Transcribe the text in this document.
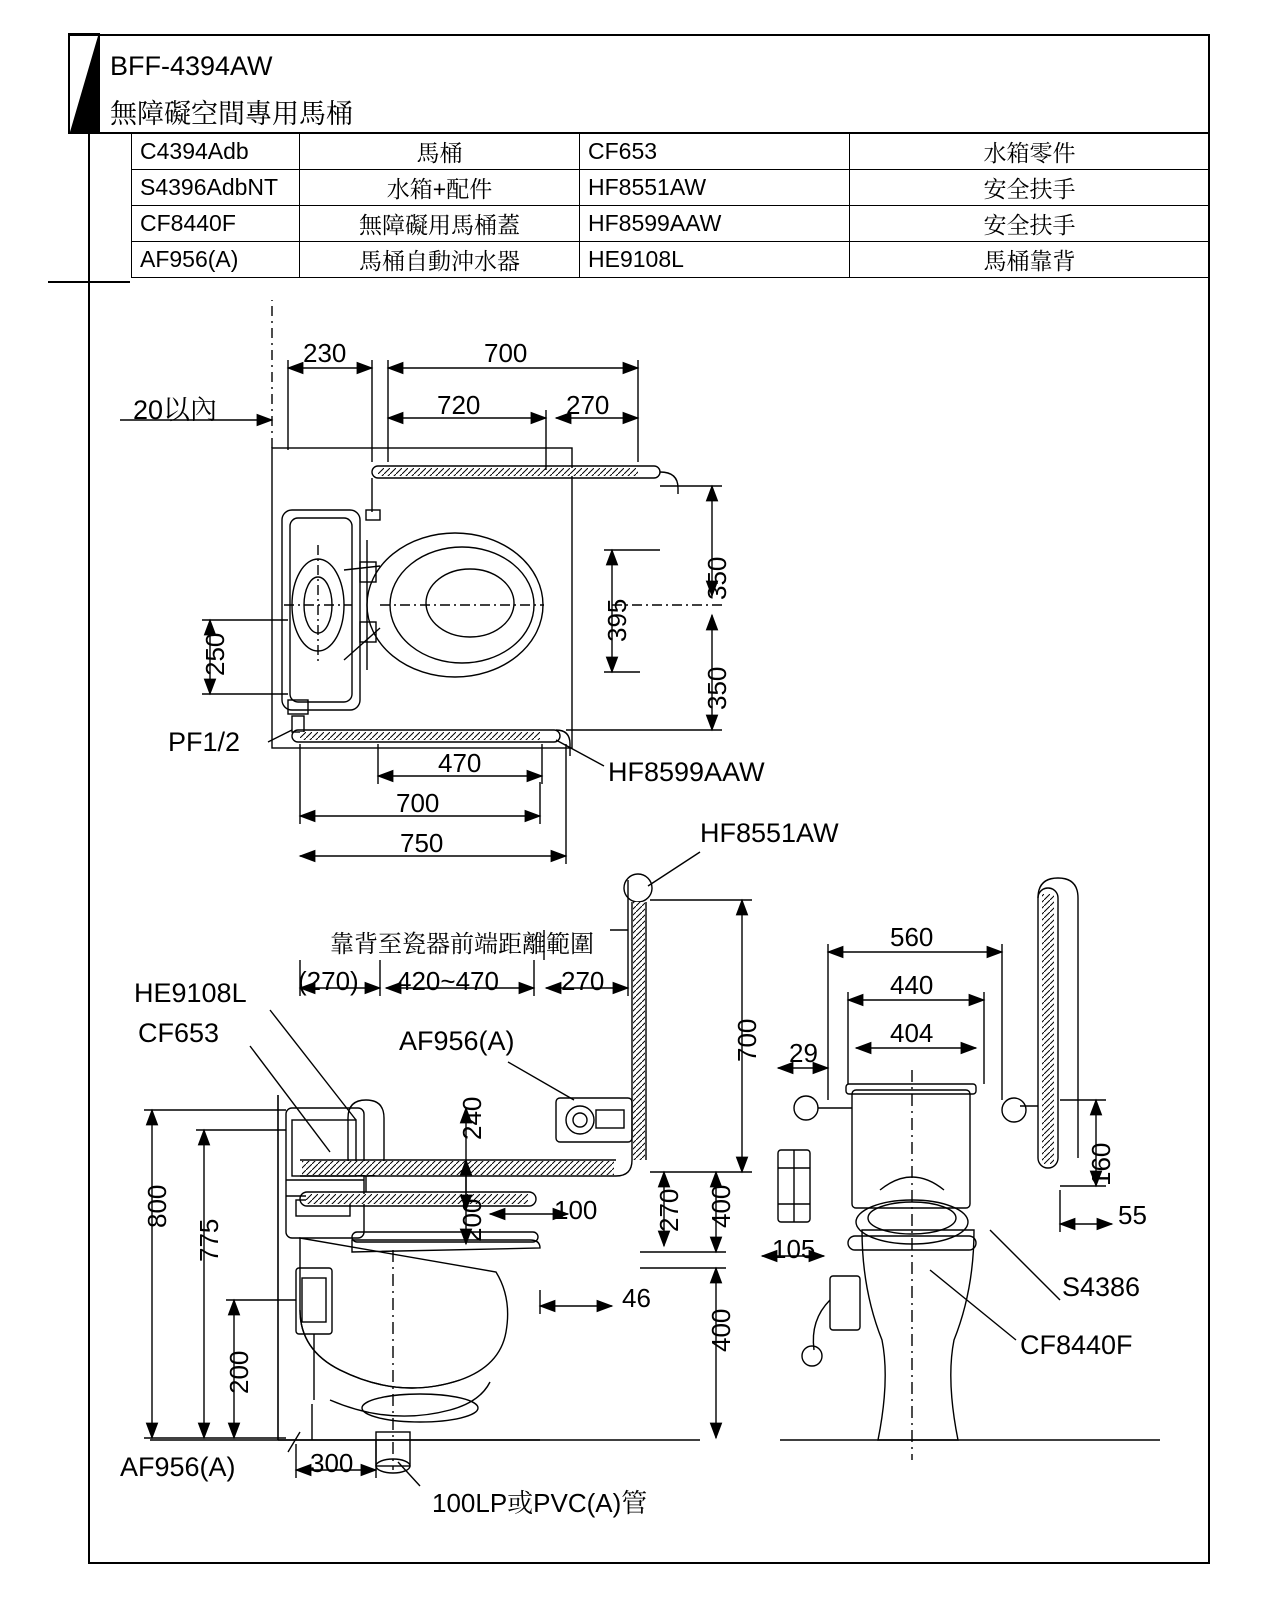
BFF-4394AW
無障礙空間專用馬桶
C4394Adb	馬桶	CF653	水箱零件
S4396AdbNT	水箱+配件	HF8551AW	安全扶手
CF8440F	無障礙用馬桶蓋	HF8599AAW	安全扶手
AF956(A)	馬桶自動沖水器	HE9108L	馬桶靠背
230	700
720	270
20以內
250
350
395
350
PF1/2
470
700
750
HF8599AAW
HF8551AW
靠背至瓷器前端距離範圍
(270) 420~470 270
HE9108L
CF653	AF956(A)	700
240
200	100 270 400
400
800
775
200
46
AF956(A)	300
100LP或PVC(A)管
560
440
404
29
160
55
105
S4386
CF8440F
